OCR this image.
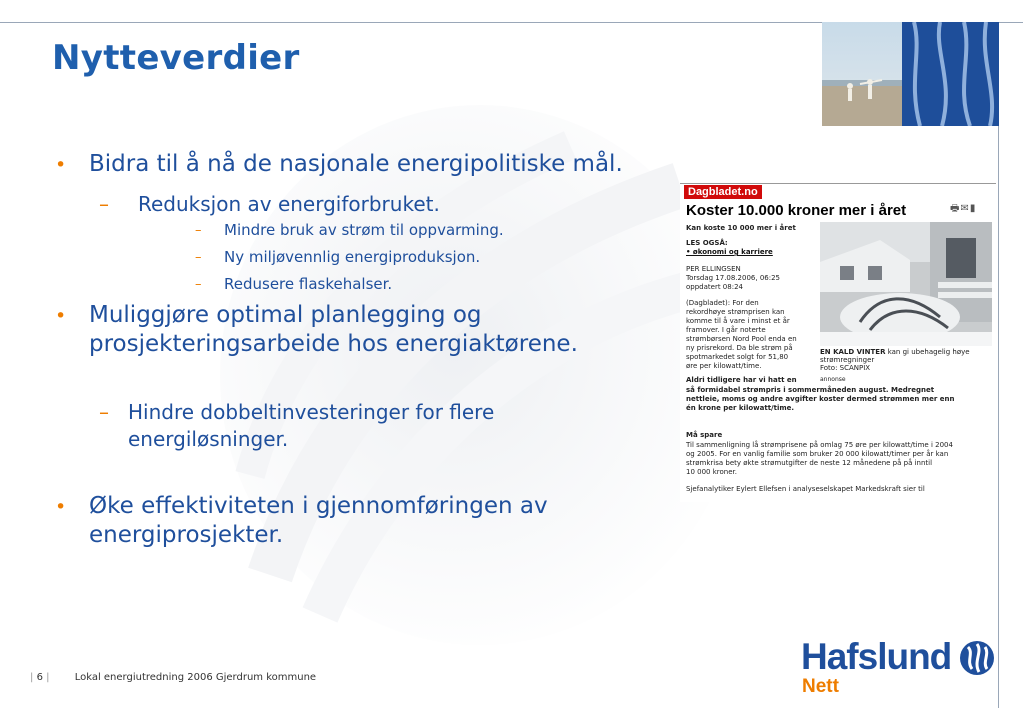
Nytteverdier
• Bidra til å nå de nasjonale energipolitiske mål.
– Reduksjon av energiforbruket.
– Mindre bruk av strøm til oppvarming.
– Ny miljøvennlig energiproduksjon.
– Redusere flaskehalser.
• Muliggjøre optimal planlegging og prosjekteringsarbeide hos energiaktørene.
– Hindre dobbeltinvesteringer for flere energiløsninger.
• Øke effektiviteten i gjennomføringen av energiprosjekter.
Dagbladet.no
🖶✉▮
Koster 10.000 kroner mer i året
Kan koste 10 000 mer i året
LES OGSÅ:
• økonomi og karriere
PER ELLINGSEN
Torsdag 17.08.2006, 06:25
oppdatert 08:24
(Dagbladet): For den
rekordhøye strømprisen kan
komme til å vare i minst et år
framover. I går noterte
strømbørsen Nord Pool enda en
ny prisrekord. Da ble strøm på
spotmarkedet solgt for 51,80
øre per kilowatt/time.
EN KALD VINTER kan gi ubehagelig høye
strømregninger
Foto: SCANPIX
annonse
Aldri tidligere har vi hatt en
så formidabel strømpris i sommermåneden august. Medregnet
nettleie, moms og andre avgifter koster dermed strømmen mer enn
én krone per kilowatt/time.
Må spare
Til sammenligning lå strømprisene på omlag 75 øre per kilowatt/time i 2004
og 2005. For en vanlig familie som bruker 20 000 kilowatt/timer per år kan
strømkrisa bety økte strømutgifter de neste 12 månedene på på inntil
10 000 kroner.
Sjefanalytiker Eylert Ellefsen i analyseselskapet Markedskraft sier til
| 6 |	Lokal energiutredning 2006 Gjerdrum kommune
Hafslund
Nett
